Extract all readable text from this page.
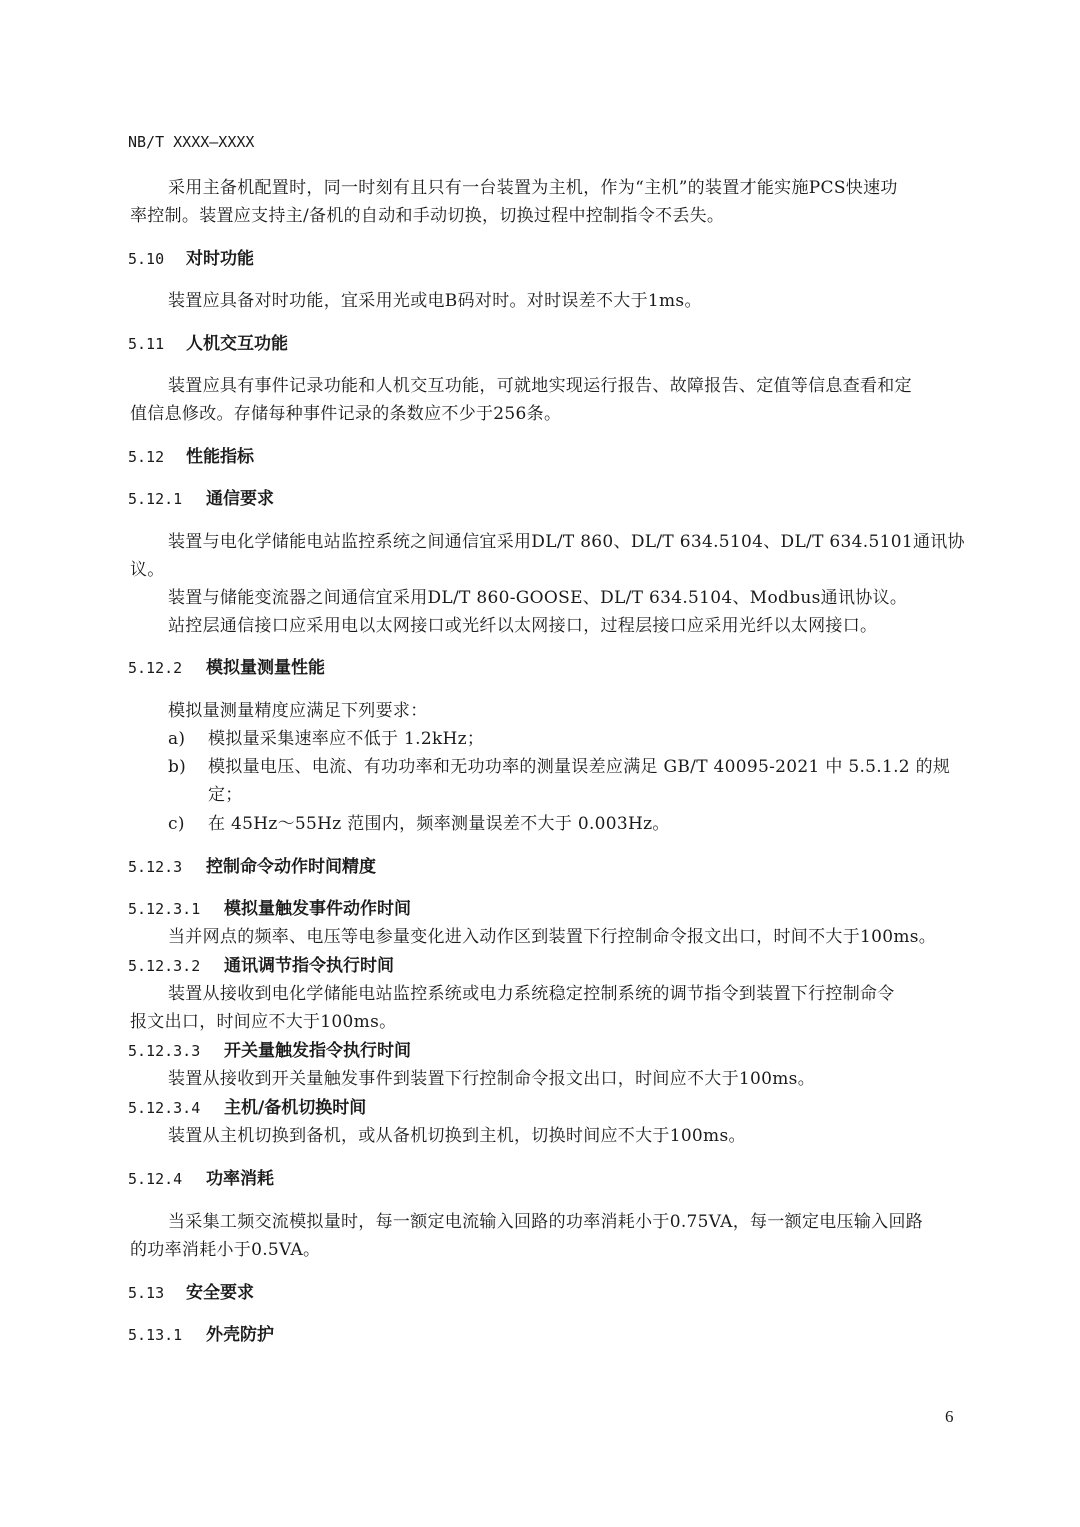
NB/T XXXX—XXXX
采用主备机配置时，同一时刻有且只有一台装置为主机，作为“主机”的装置才能实施PCS快速功
率控制。装置应支持主/备机的自动和手动切换，切换过程中控制指令不丢失。
5.10 对时功能
装置应具备对时功能，宜采用光或电B码对时。对时误差不大于1ms。
5.11 人机交互功能
装置应具有事件记录功能和人机交互功能，可就地实现运行报告、故障报告、定值等信息查看和定
值信息修改。存储每种事件记录的条数应不少于256条。
5.12 性能指标
5.12.1 通信要求
装置与电化学储能电站监控系统之间通信宜采用DL/T 860、DL/T 634.5104、DL/T 634.5101通讯协
议。
装置与储能变流器之间通信宜采用DL/T 860-GOOSE、DL/T 634.5104、Modbus通讯协议。
站控层通信接口应采用电以太网接口或光纤以太网接口，过程层接口应采用光纤以太网接口。
5.12.2 模拟量测量性能
模拟量测量精度应满足下列要求：
a) 模拟量采集速率应不低于 1.2kHz；
b) 模拟量电压、电流、有功功率和无功功率的测量误差应满足 GB/T 40095-2021 中 5.5.1.2 的规
定；
c) 在 45Hz～55Hz 范围内，频率测量误差不大于 0.003Hz。
5.12.3 控制命令动作时间精度
5.12.3.1 模拟量触发事件动作时间
当并网点的频率、电压等电参量变化进入动作区到装置下行控制命令报文出口，时间不大于100ms。
5.12.3.2 通讯调节指令执行时间
装置从接收到电化学储能电站监控系统或电力系统稳定控制系统的调节指令到装置下行控制命令
报文出口，时间应不大于100ms。
5.12.3.3 开关量触发指令执行时间
装置从接收到开关量触发事件到装置下行控制命令报文出口，时间应不大于100ms。
5.12.3.4 主机/备机切换时间
装置从主机切换到备机，或从备机切换到主机，切换时间应不大于100ms。
5.12.4 功率消耗
当采集工频交流模拟量时，每一额定电流输入回路的功率消耗小于0.75VA，每一额定电压输入回路
的功率消耗小于0.5VA。
5.13 安全要求
5.13.1 外壳防护
6
